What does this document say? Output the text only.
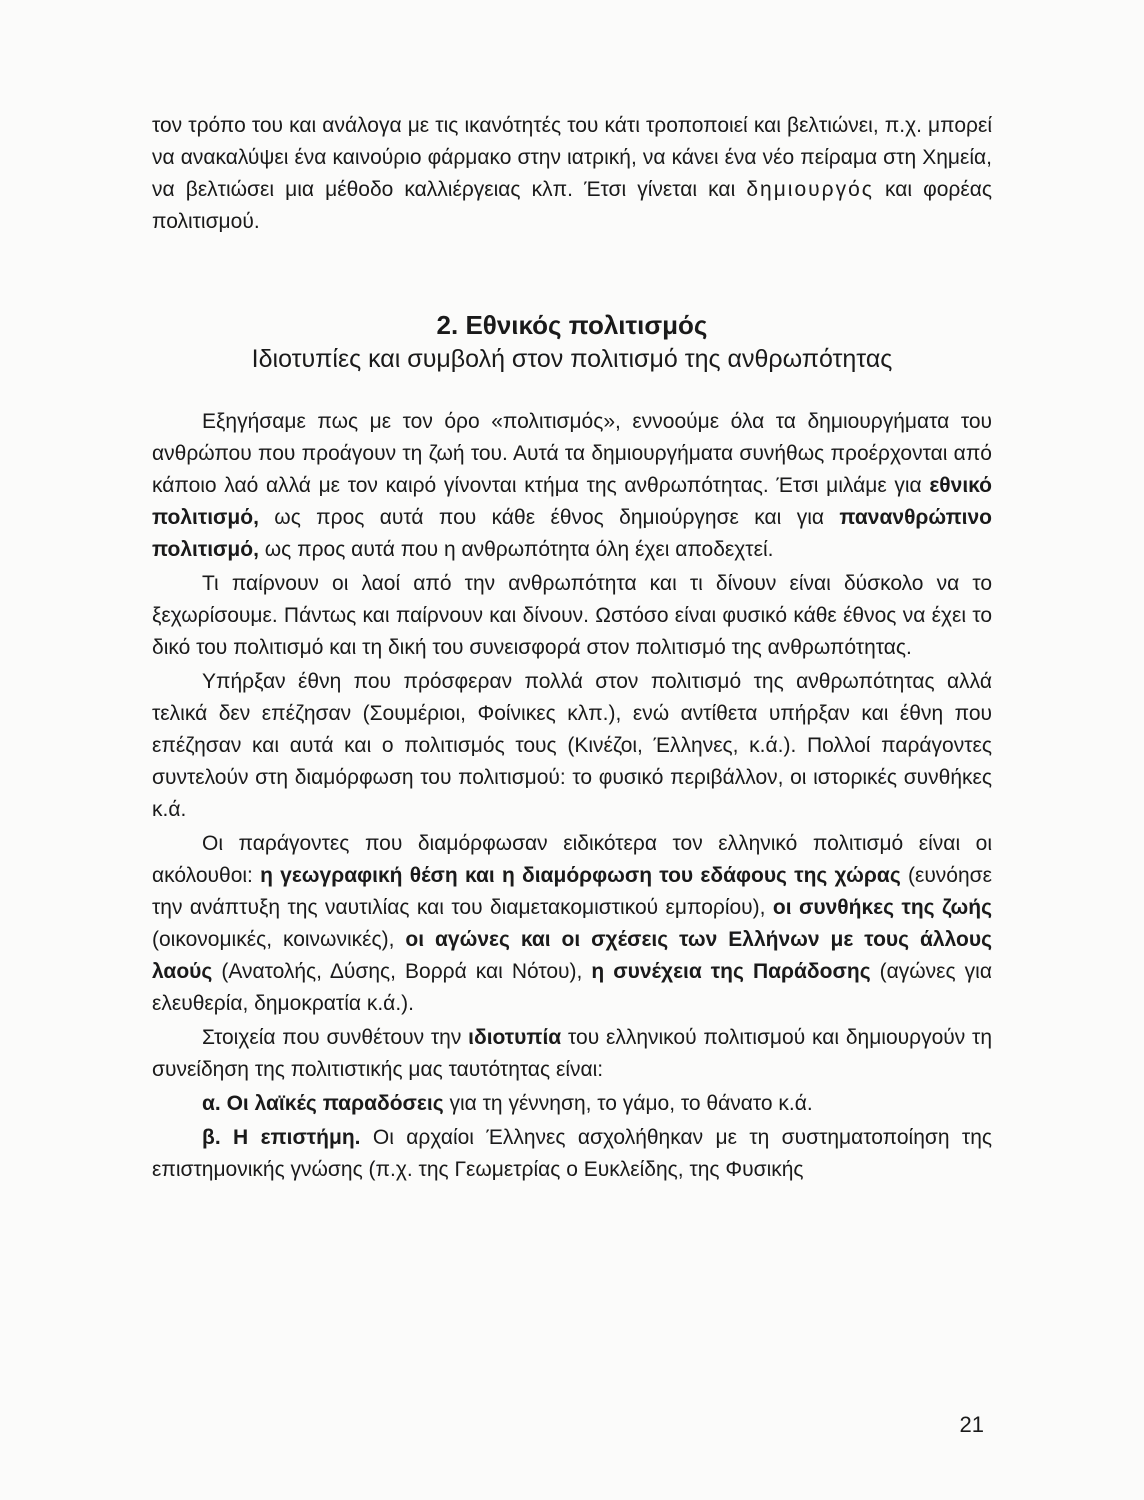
τον τρόπο του και ανάλογα με τις ικανότητές του κάτι τροποποιεί και βελτιώνει, π.χ. μπορεί να ανακαλύψει ένα καινούριο φάρμακο στην ιατρική, να κάνει ένα νέο πείραμα στη Χημεία, να βελτιώσει μια μέθοδο καλλιέργειας κλπ. Έτσι γίνεται και δημιουργός και φορέας πολιτισμού.

2. Εθνικός πολιτισμός
Ιδιοτυπίες και συμβολή στον πολιτισμό της ανθρωπότητας

Εξηγήσαμε πως με τον όρο «πολιτισμός», εννοούμε όλα τα δημιουργήματα του ανθρώπου που προάγουν τη ζωή του. Αυτά τα δημιουργήματα συνήθως προέρχονται από κάποιο λαό αλλά με τον καιρό γίνονται κτήμα της ανθρωπότητας. Έτσι μιλάμε για εθνικό πολιτισμό, ως προς αυτά που κάθε έθνος δημιούργησε και για πανανθρώπινο πολιτισμό, ως προς αυτά που η ανθρωπότητα όλη έχει αποδεχτεί.

Τι παίρνουν οι λαοί από την ανθρωπότητα και τι δίνουν είναι δύσκολο να το ξεχωρίσουμε. Πάντως και παίρνουν και δίνουν. Ωστόσο είναι φυσικό κάθε έθνος να έχει το δικό του πολιτισμό και τη δική του συνεισφορά στον πολιτισμό της ανθρωπότητας.

Υπήρξαν έθνη που πρόσφεραν πολλά στον πολιτισμό της ανθρωπότητας αλλά τελικά δεν επέζησαν (Σουμέριοι, Φοίνικες κλπ.), ενώ αντίθετα υπήρξαν και έθνη που επέζησαν και αυτά και ο πολιτισμός τους (Κινέζοι, Έλληνες, κ.ά.). Πολλοί παράγοντες συντελούν στη διαμόρφωση του πολιτισμού: το φυσικό περιβάλλον, οι ιστορικές συνθήκες κ.ά.

Οι παράγοντες που διαμόρφωσαν ειδικότερα τον ελληνικό πολιτισμό είναι οι ακόλουθοι: η γεωγραφική θέση και η διαμόρφωση του εδάφους της χώρας (ευνόησε την ανάπτυξη της ναυτιλίας και του διαμετακομιστικού εμπορίου), οι συνθήκες της ζωής (οικονομικές, κοινωνικές), οι αγώνες και οι σχέσεις των Ελλήνων με τους άλλους λαούς (Ανατολής, Δύσης, Βορρά και Νότου), η συνέχεια της Παράδοσης (αγώνες για ελευθερία, δημοκρατία κ.ά.).

Στοιχεία που συνθέτουν την ιδιοτυπία του ελληνικού πολιτισμού και δημιουργούν τη συνείδηση της πολιτιστικής μας ταυτότητας είναι:

α. Οι λαϊκές παραδόσεις για τη γέννηση, το γάμο, το θάνατο κ.ά.

β. Η επιστήμη. Οι αρχαίοι Έλληνες ασχολήθηκαν με τη συστηματοποίηση της επιστημονικής γνώσης (π.χ. της Γεωμετρίας ο Ευκλείδης, της Φυσικής

21
